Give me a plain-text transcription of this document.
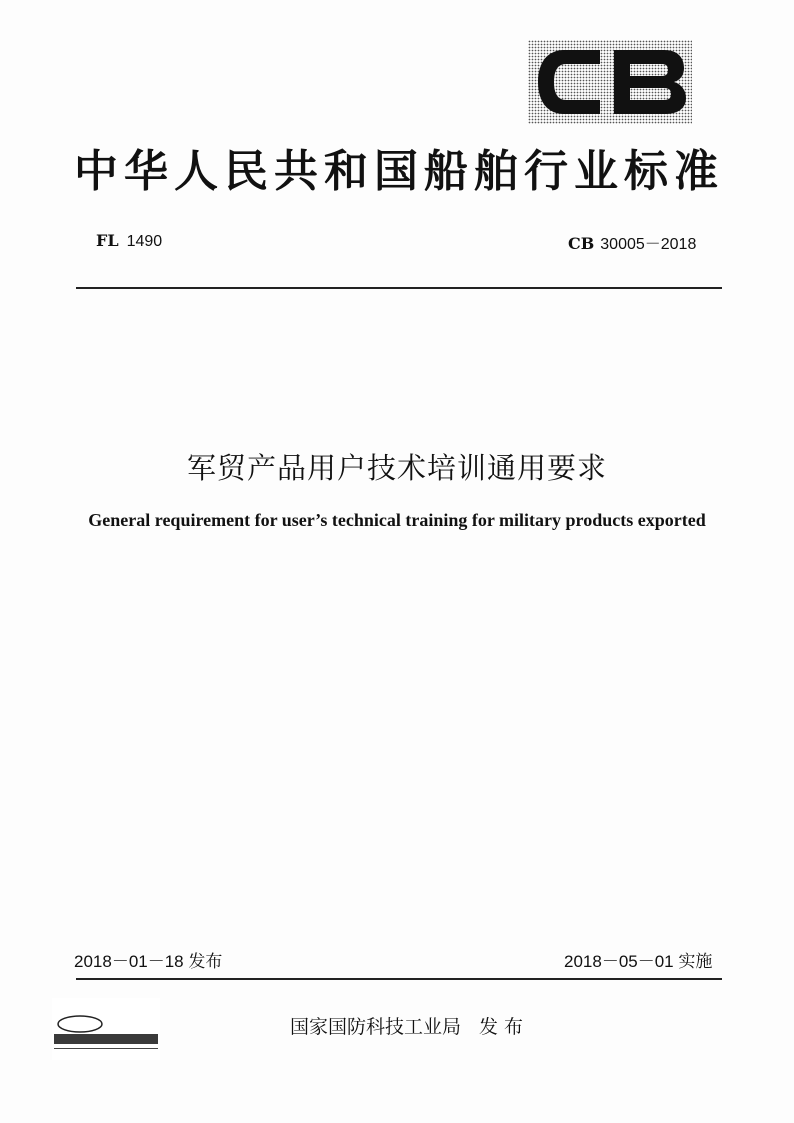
中华人民共和国船舶行业标准
FL 1490	CB 30005－2018
军贸产品用户技术培训通用要求
General requirement for user’s technical training for military products exported
2018－01－18 发布	2018－05－01 实施
国家国防科技工业局 发 布
